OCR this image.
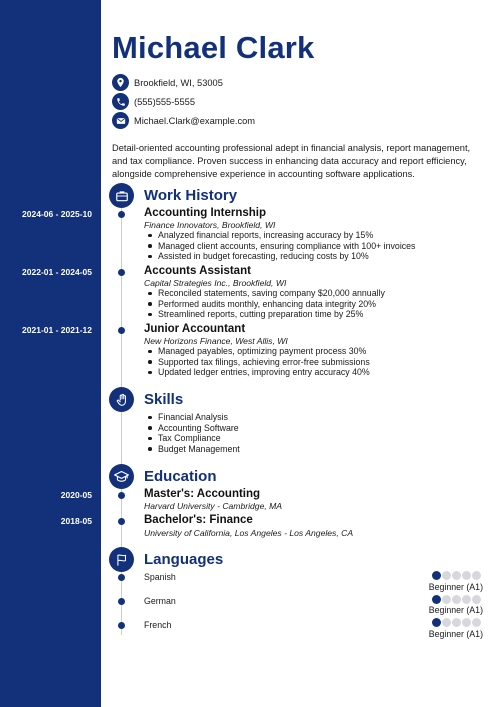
Michael Clark
Brookfield, WI, 53005
(555)555-5555
Michael.Clark@example.com
Detail-oriented accounting professional adept in financial analysis, report management, and tax compliance. Proven success in enhancing data accuracy and report efficiency, alongside comprehensive experience in accounting software applications.
Work History
2024-06 - 2025-10	Accounting Internship
Finance Innovators, Brookfield, WI
Analyzed financial reports, increasing accuracy by 15%
Managed client accounts, ensuring compliance with 100+ invoices
Assisted in budget forecasting, reducing costs by 10%
2022-01 - 2024-05	Accounts Assistant
Capital Strategies Inc., Brookfield, WI
Reconciled statements, saving company $20,000 annually
Performed audits monthly, enhancing data integrity 20%
Streamlined reports, cutting preparation time by 25%
2021-01 - 2021-12	Junior Accountant
New Horizons Finance, West Allis, WI
Managed payables, optimizing payment process 30%
Supported tax filings, achieving error-free submissions
Updated ledger entries, improving entry accuracy 40%
Skills
Financial Analysis
Accounting Software
Tax Compliance
Budget Management
Education
2020-05	Master's: Accounting
Harvard University - Cambridge, MA
2018-05	Bachelor's: Finance
University of California, Los Angeles - Los Angeles, CA
Languages
Spanish
Beginner (A1)
German
Beginner (A1)
French
Beginner (A1)
